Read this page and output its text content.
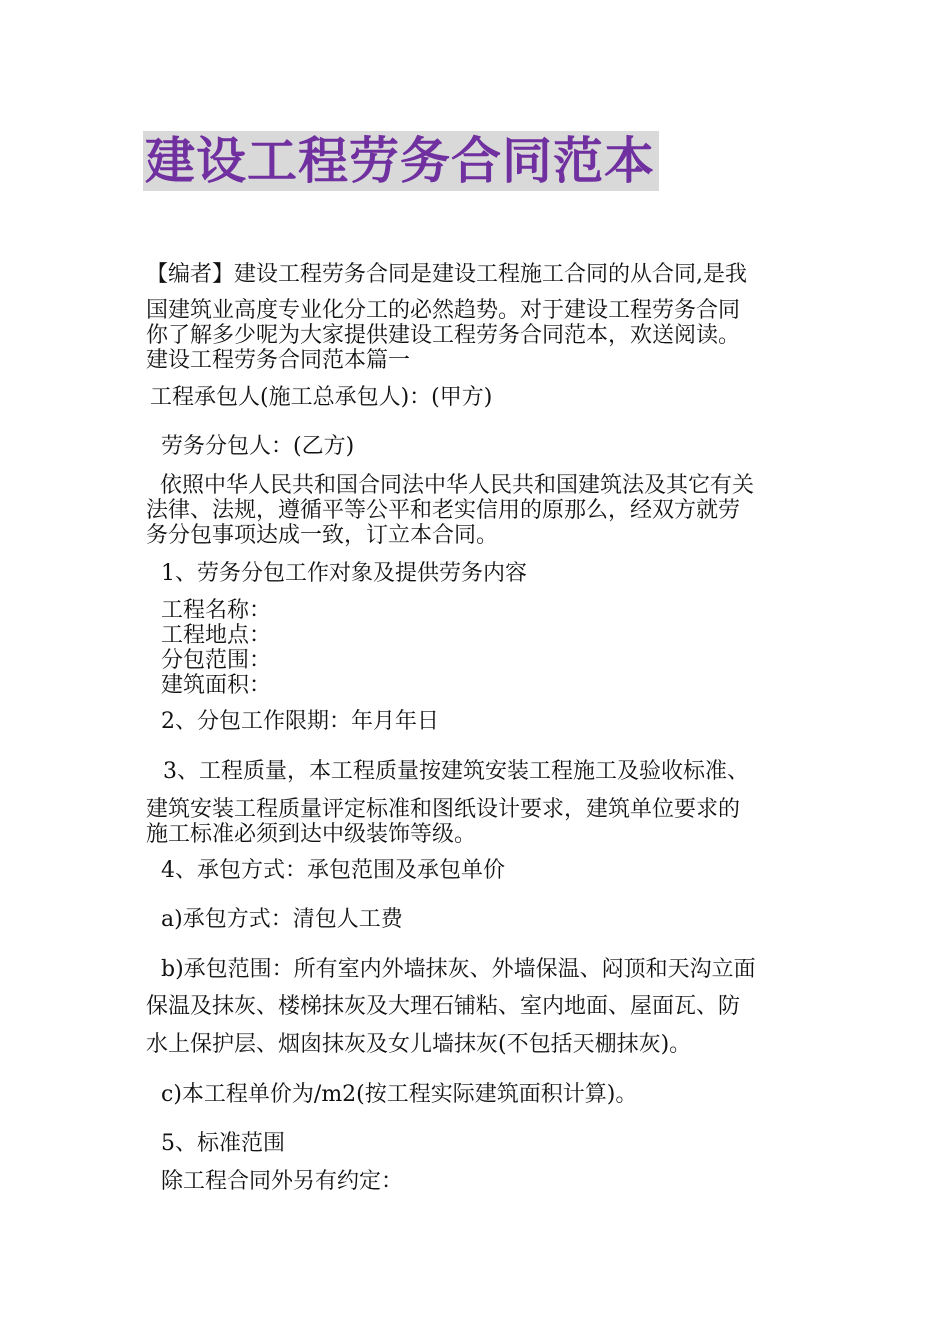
建设工程劳务合同范本
【编者】建设工程劳务合同是建设工程施工合同的从合同,是我
国建筑业高度专业化分工的必然趋势。对于建设工程劳务合同
你了解多少呢为大家提供建设工程劳务合同范本，欢送阅读。
建设工程劳务合同范本篇一
工程承包人(施工总承包人)：(甲方)
劳务分包人：(乙方)
依照中华人民共和国合同法中华人民共和国建筑法及其它有关
法律、法规，遵循平等公平和老实信用的原那么，经双方就劳
务分包事项达成一致，订立本合同。
1、劳务分包工作对象及提供劳务内容
工程名称：
工程地点：
分包范围：
建筑面积：
2、分包工作限期：年月年日
3、工程质量，本工程质量按建筑安装工程施工及验收标准、
建筑安装工程质量评定标准和图纸设计要求，建筑单位要求的
施工标准必须到达中级装饰等级。
4、承包方式：承包范围及承包单价
a)承包方式：清包人工费
b)承包范围：所有室内外墙抹灰、外墙保温、闷顶和天沟立面
保温及抹灰、楼梯抹灰及大理石铺粘、室内地面、屋面瓦、防
水上保护层、烟囱抹灰及女儿墙抹灰(不包括天棚抹灰)。
c)本工程单价为/m2(按工程实际建筑面积计算)。
5、标准范围
除工程合同外另有约定：
